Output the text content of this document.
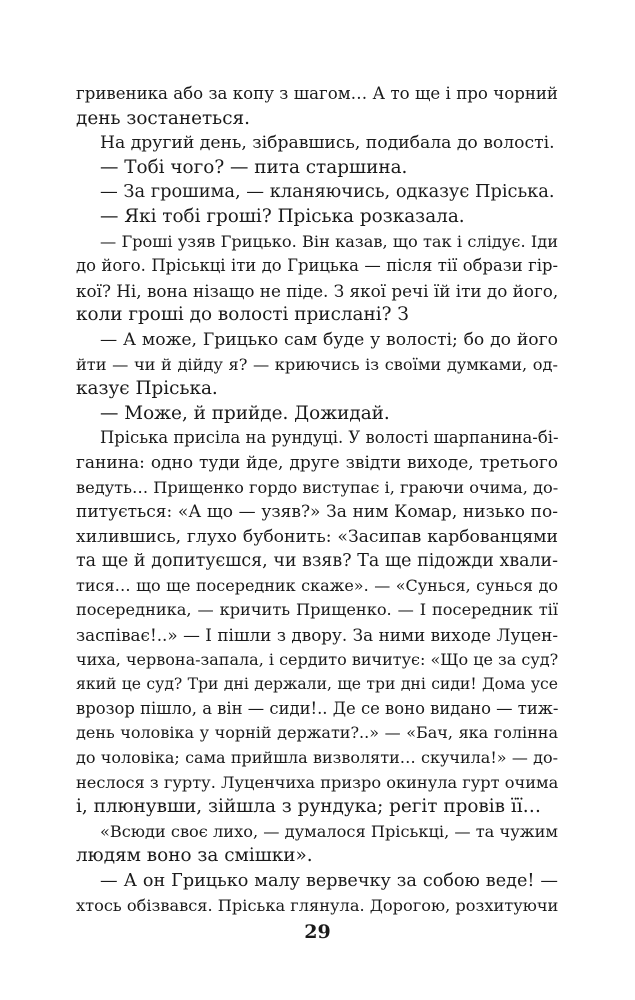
гривеника або за копу з шагом… А то ще і про чорний
день зостанеться.
На другий день, зібравшись, подибала до волості.
— Тобі чого? — пита старшина.
— За грошима, — кланяючись, одказує Пріська.
— Які тобі гроші? Пріська розказала.
— Гроші узяв Грицько. Він казав, що так і слідує. Іди
до його. Пріськці іти до Грицька — після тії образи гір-
кої? Ні, вона нізащо не піде. З якої речі їй іти до його,
коли гроші до волості прислані? З
— А може, Грицько сам буде у волості; бо до його
йти — чи й дійду я? — криючись із своїми думками, од-
казує Пріська.
— Може, й прийде. Дожидай.
Пріська присіла на рундуці. У волості шарпанина-бі-
ганина: одно туди йде, друге звідти виходе, третього
ведуть… Прищенко гордо виступає і, граючи очима, до-
питується: «А що — узяв?» За ним Комар, низько по-
хилившись, глухо бубонить: «Засипав карбованцями
та ще й допитуєшся, чи взяв? Та ще підожди хвали-
тися… що ще посередник скаже». — «Сунься, сунься до
посередника, — кричить Прищенко. — І посередник тії
заспіває!..» — І пішли з двору. За ними виходе Луцен-
чиха, червона-запала, і сердито вичитує: «Що це за суд?
який це суд? Три дні держали, ще три дні сиди! Дома усе
врозор пішло, а він — сиди!.. Де се воно видано — тиж-
день чоловіка у чорній держати?..» — «Бач, яка голінна
до чоловіка; сама прийшла визволяти… скучила!» — до-
неслося з гурту. Луценчиха призро окинула гурт очима
і, плюнувши, зійшла з рундука; регіт провів її…
«Всюди своє лихо, — думалося Пріськці, — та чужим
людям воно за смішки».
— А он Грицько малу вервечку за собою веде! —
хтось обізвався. Пріська глянула. Дорогою, розхитуючи
29
